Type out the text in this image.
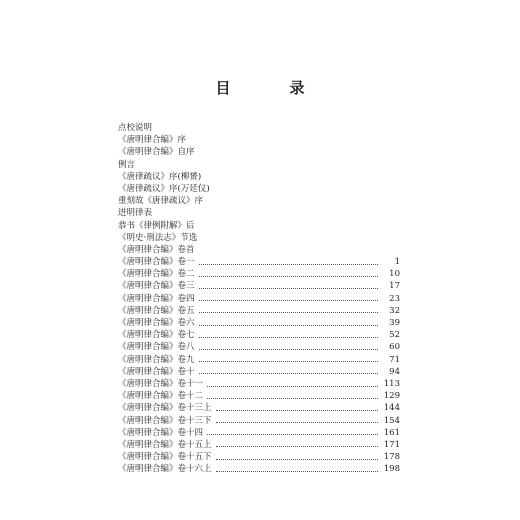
目　录
点校说明
《唐明律合编》序
《唐明律合编》自序
例言
《唐律疏议》序(柳赟)
《唐律疏议》序(万廷仪)
重刻故《唐律疏议》序
进明律表
恭书《律例附解》后
《明史·刑法志》节选
《唐明律合编》卷首
《唐明律合编》卷一	1
《唐明律合编》卷二	10
《唐明律合编》卷三	17
《唐明律合编》卷四	23
《唐明律合编》卷五	32
《唐明律合编》卷六	39
《唐明律合编》卷七	52
《唐明律合编》卷八	60
《唐明律合编》卷九	71
《唐明律合编》卷十	94
《唐明律合编》卷十一	113
《唐明律合编》卷十二	129
《唐明律合编》卷十三上	144
《唐明律合编》卷十三下	154
《唐明律合编》卷十四	161
《唐明律合编》卷十五上	171
《唐明律合编》卷十五下	178
《唐明律合编》卷十六上	198
